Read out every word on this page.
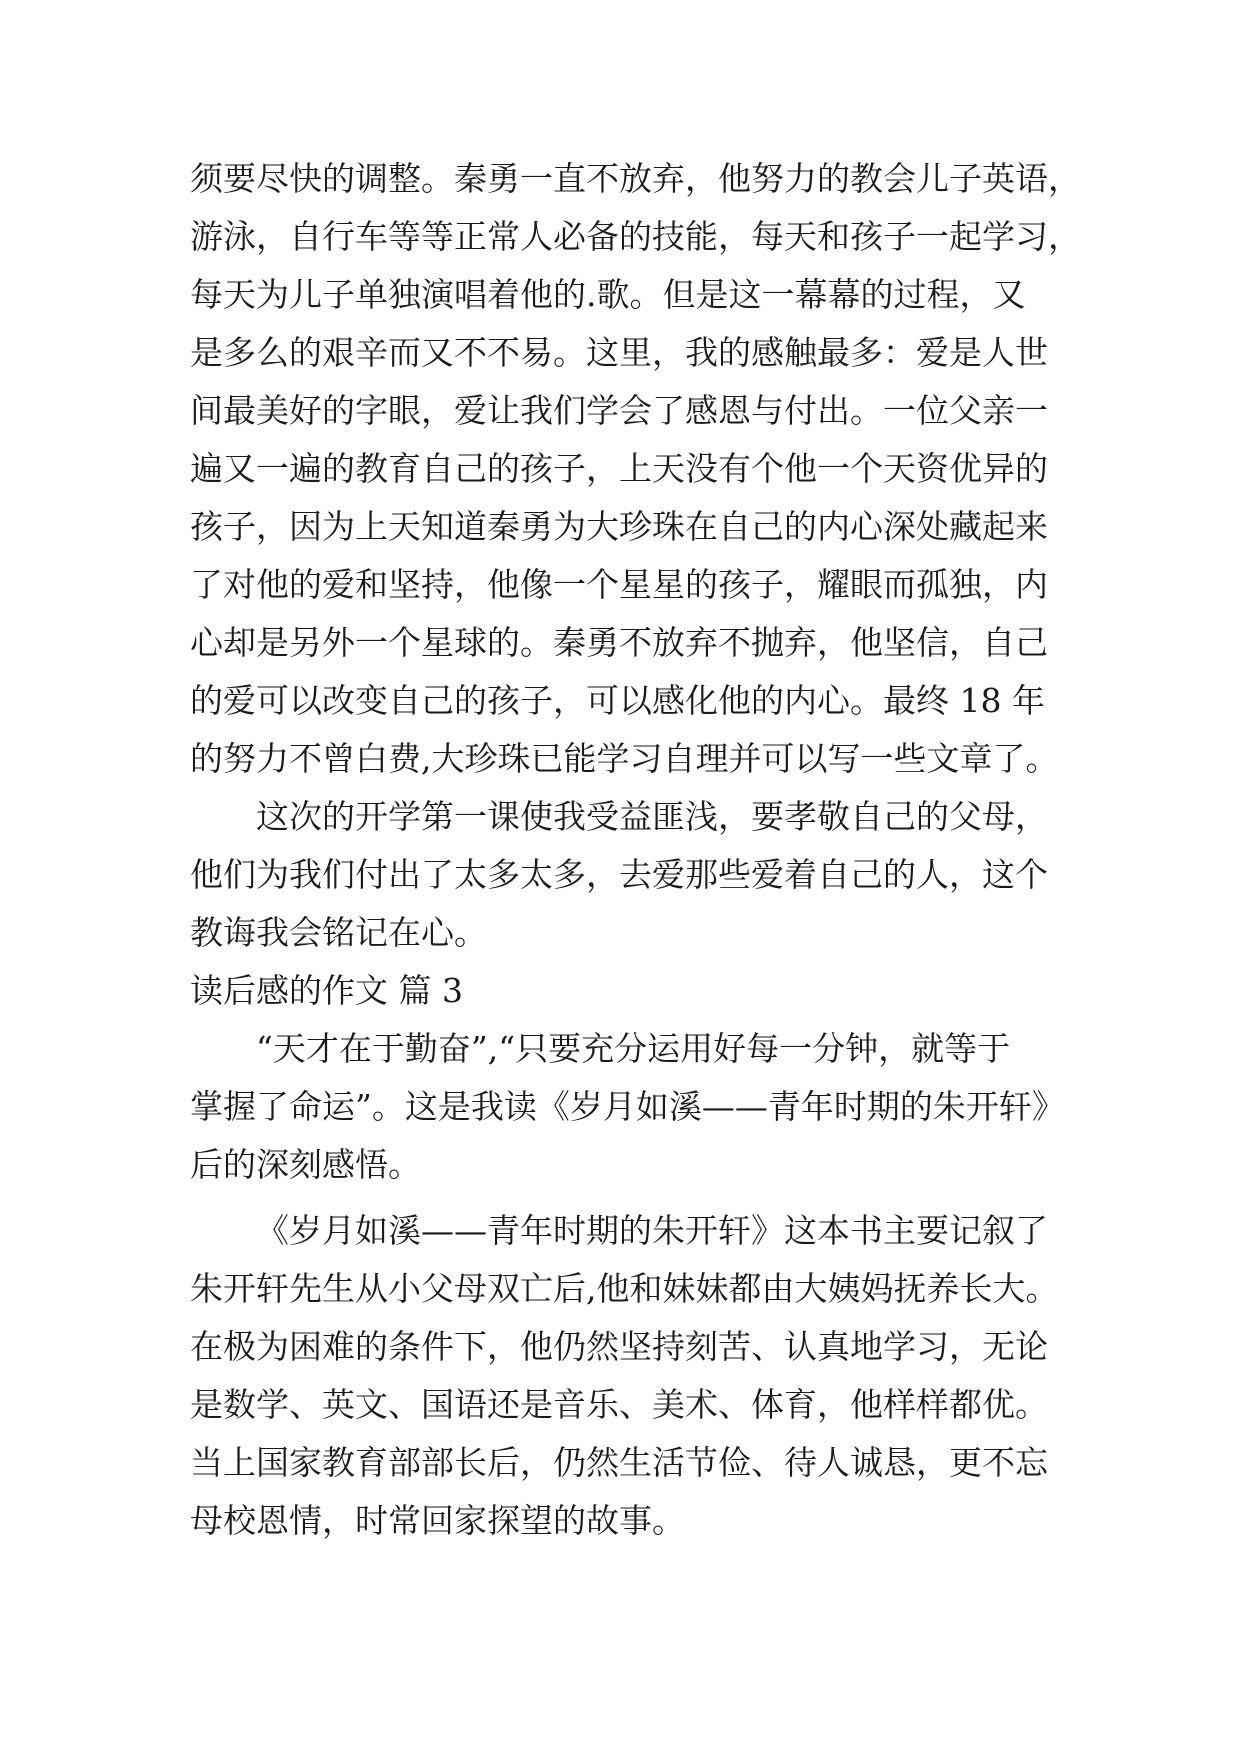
须要尽快的调整。秦勇一直不放弃，他努力的教会儿子英语，
游泳，自行车等等正常人必备的技能，每天和孩子一起学习，
每天为儿子单独演唱着他的.歌。但是这一幕幕的过程，又
是多么的艰辛而又不不易。这里，我的感触最多：爱是人世
间最美好的字眼，爱让我们学会了感恩与付出。一位父亲一
遍又一遍的教育自己的孩子，上天没有个他一个天资优异的
孩子，因为上天知道秦勇为大珍珠在自己的内心深处藏起来
了对他的爱和坚持，他像一个星星的孩子，耀眼而孤独，内
心却是另外一个星球的。秦勇不放弃不抛弃，他坚信，自己
的爱可以改变自己的孩子，可以感化他的内心。最终 18 年
的努力不曾白费,大珍珠已能学习自理并可以写一些文章了。
这次的开学第一课使我受益匪浅，要孝敬自己的父母，
他们为我们付出了太多太多，去爱那些爱着自己的人，这个
教诲我会铭记在心。
读后感的作文 篇 3
“天才在于勤奋”,“只要充分运用好每一分钟，就等于
掌握了命运”。这是我读《岁月如溪——青年时期的朱开轩》
后的深刻感悟。
《岁月如溪——青年时期的朱开轩》这本书主要记叙了
朱开轩先生从小父母双亡后,他和妹妹都由大姨妈抚养长大。
在极为困难的条件下，他仍然坚持刻苦、认真地学习，无论
是数学、英文、国语还是音乐、美术、体育，他样样都优。
当上国家教育部部长后，仍然生活节俭、待人诚恳，更不忘
母校恩情，时常回家探望的故事。
